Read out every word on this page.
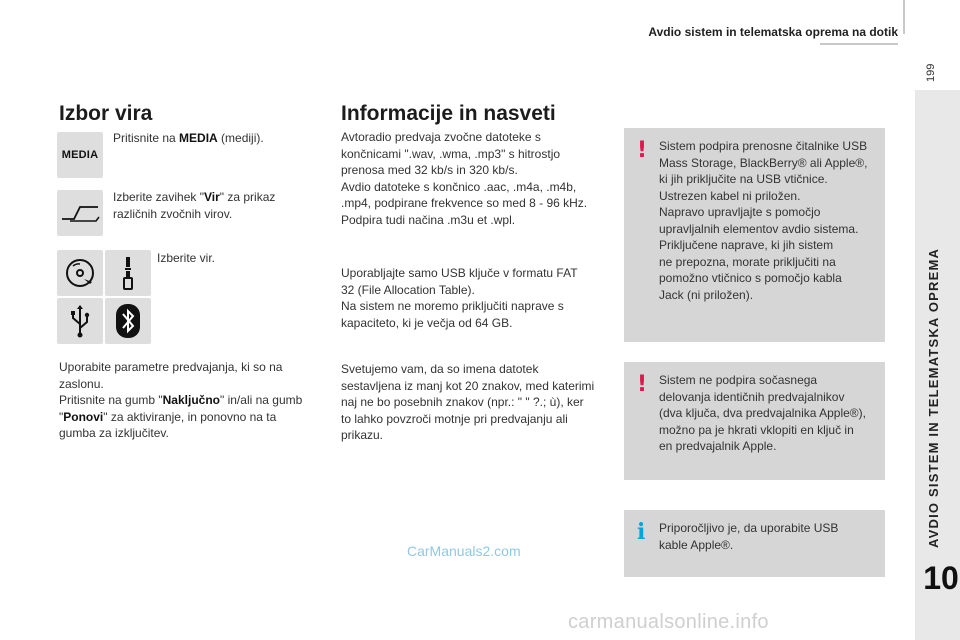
Avdio sistem in telematska oprema na dotik
199
AVDIO SISTEM IN TELEMATSKA OPREMA
10
Izbor vira
MEDIA
Pritisnite na MEDIA (mediji).
Izberite zavihek "Vir" za prikaz
različnih zvočnih virov.
Izberite vir.
Uporabite parametre predvajanja, ki so na
zaslonu.
Pritisnite na gumb "Naključno" in/ali na gumb
"Ponovi" za aktiviranje, in ponovno na ta
gumba za izključitev.
Informacije in nasveti
Avtoradio predvaja zvočne datoteke s
končnicami ".wav, .wma, .mp3" s hitrostjo
prenosa med 32 kb/s in 320 kb/s.
Avdio datoteke s končnico .aac, .m4a, .m4b,
.mp4, podpirane frekvence so med 8 - 96 kHz.
Podpira tudi načina .m3u et .wpl.
Uporabljajte samo USB ključe v formatu FAT
32 (File Allocation Table).
Na sistem ne moremo priključiti naprave s
kapaciteto, ki je večja od 64 GB.
Svetujemo vam, da so imena datotek
sestavljena iz manj kot 20 znakov, med katerimi
naj ne bo posebnih znakov (npr.: " " ?.; ù), ker
to lahko povzroči motnje pri predvajanju ali
prikazu.
! Sistem podpira prenosne čitalnike USB
Mass Storage, BlackBerry® ali Apple®,
ki jih priključite na USB vtičnice.
Ustrezen kabel ni priložen.
Napravo upravljajte s pomočjo
upravljalnih elementov avdio sistema.
Priključene naprave, ki jih sistem
ne prepozna, morate priključiti na
pomožno vtičnico s pomočjo kabla
Jack (ni priložen).
! Sistem ne podpira sočasnega
delovanja identičnih predvajalnikov
(dva ključa, dva predvajalnika Apple®),
možno pa je hkrati vklopiti en ključ in
en predvajalnik Apple.
i Priporočljivo je, da uporabite USB
kable Apple®.
CarManuals2.com
carmanualsonline.info
